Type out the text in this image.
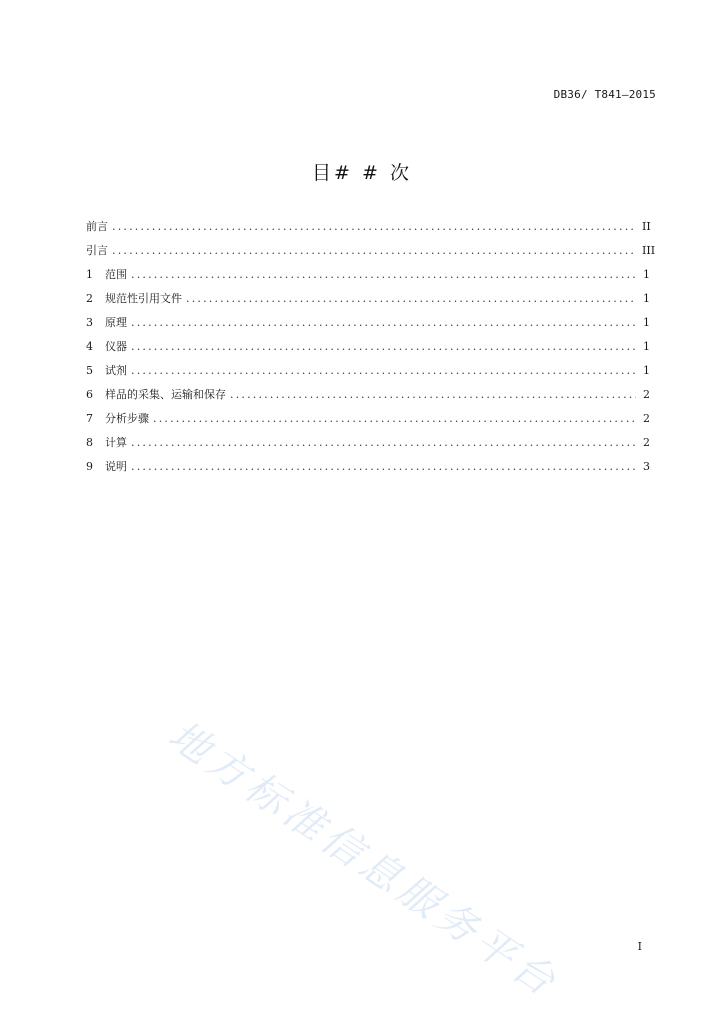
DB36/ T841—2015
目# # 次
前言 .....	II
引言 .....	III
1	范围 .....	1
2	规范性引用文件 .....	1
3	原理 .....	1
4	仪器 .....	1
5	试剂 .....	1
6	样品的采集、运输和保存 .....	2
7	分析步骤 .....	2
8	计算 .....	2
9	说明 .....	3
地方标准信息服务平台	I
